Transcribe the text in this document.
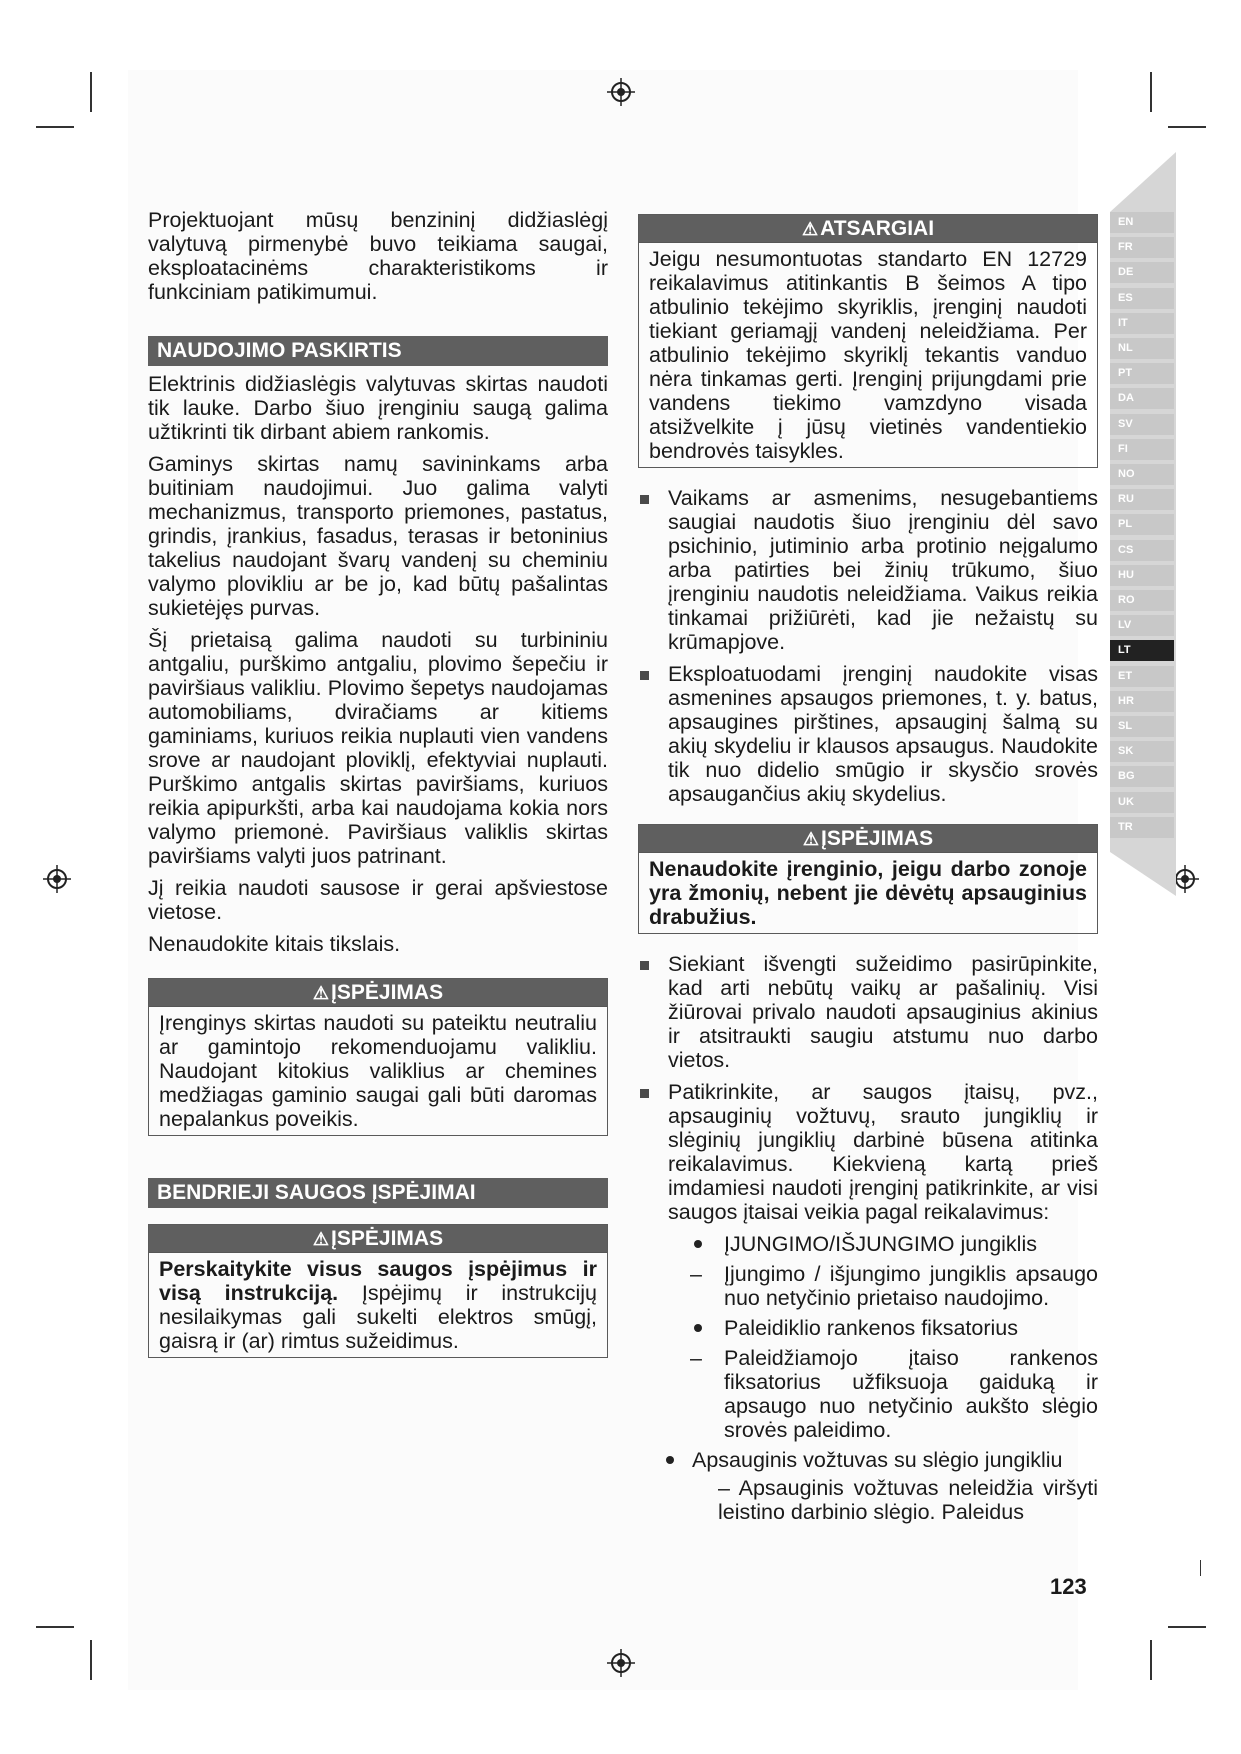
Projektuojant mūsų benzininį didžiaslėgį valytuvą pirmenybė buvo teikiama saugai, eksploatacinėms charakteristikoms ir funkciniam patikimumui.

NAUDOJIMO PASKIRTIS

Elektrinis didžiaslėgis valytuvas skirtas naudoti tik lauke. Darbo šiuo įrenginiu saugą galima užtikrinti tik dirbant abiem rankomis.

Gaminys skirtas namų savininkams arba buitiniam naudojimui. Juo galima valyti mechanizmus, transporto priemones, pastatus, grindis, įrankius, fasadus, terasas ir betoninius takelius naudojant švarų vandenį su cheminiu valymo plovikliu ar be jo, kad būtų pašalintas sukietėjęs purvas.

Šį prietaisą galima naudoti su turbininiu antgaliu, purškimo antgaliu, plovimo šepečiu ir paviršiaus valikliu. Plovimo šepetys naudojamas automobiliams, dviračiams ar kitiems gaminiams, kuriuos reikia nuplauti vien vandens srove ar naudojant ploviklį, efektyviai nuplauti. Purškimo antgalis skirtas paviršiams, kuriuos reikia apipurkšti, arba kai naudojama kokia nors valymo priemonė. Paviršiaus valiklis skirtas paviršiams valyti juos patrinant.

Jį reikia naudoti sausose ir gerai apšviestose vietose.

Nenaudokite kitais tikslais.

⚠ĮSPĖJIMAS
Įrenginys skirtas naudoti su pateiktu neutraliu ar gamintojo rekomenduojamu valikliu. Naudojant kitokius valiklius ar chemines medžiagas gaminio saugai gali būti daromas nepalankus poveikis.
BENDRIEJI SAUGOS ĮSPĖJIMAI
⚠ĮSPĖJIMAS
Perskaitykite visus saugos įspėjimus ir visą instrukciją. Įspėjimų ir instrukcijų nesilaikymas gali sukelti elektros smūgį, gaisrą ir (ar) rimtus sužeidimus.
⚠ATSARGIAI
Jeigu nesumontuotas standarto EN 12729 reikalavimus atitinkantis B šeimos A tipo atbulinio tekėjimo skyriklis, įrenginį naudoti tiekiant geriamąjį vandenį neleidžiama. Per atbulinio tekėjimo skyriklį tekantis vanduo nėra tinkamas gerti. Įrenginį prijungdami prie vandens tiekimo vamzdyno visada atsižvelkite į jūsų vietinės vandentiekio bendrovės taisykles.
Vaikams ar asmenims, nesugebantiems saugiai naudotis šiuo įrenginiu dėl savo psichinio, jutiminio arba protinio neįgalumo arba patirties bei žinių trūkumo, šiuo įrenginiu naudotis neleidžiama. Vaikus reikia tinkamai prižiūrėti, kad jie nežaistų su krūmapjove.
Eksploatuodami įrenginį naudokite visas asmenines apsaugos priemones, t. y. batus, apsaugines pirštines, apsauginį šalmą su akių skydeliu ir klausos apsaugus. Naudokite tik nuo didelio smūgio ir skysčio srovės apsaugančius akių skydelius.
⚠ĮSPĖJIMAS
Nenaudokite įrenginio, jeigu darbo zonoje yra žmonių, nebent jie dėvėtų apsauginius drabužius.
Siekiant išvengti sužeidimo pasirūpinkite, kad arti nebūtų vaikų ar pašalinių. Visi žiūrovai privalo naudoti apsauginius akinius ir atsitraukti saugiu atstumu nuo darbo vietos.
Patikrinkite, ar saugos įtaisų, pvz., apsauginių vožtuvų, srauto jungiklių ir slėginių jungiklių darbinė būsena atitinka reikalavimus. Kiekvieną kartą prieš imdamiesi naudoti įrenginį patikrinkite, ar visi saugos įtaisai veikia pagal reikalavimus:
ĮJUNGIMO/IŠJUNGIMO jungiklis
– Įjungimo / išjungimo jungiklis apsaugo nuo netyčinio prietaiso naudojimo.
Paleidiklio rankenos fiksatorius
– Paleidžiamojo įtaiso rankenos fiksatorius užfiksuoja gaiduką ir apsaugo nuo netyčinio aukšto slėgio srovės paleidimo.
Apsauginis vožtuvas su slėgio jungikliu
– Apsauginis vožtuvas neleidžia viršyti leistino darbinio slėgio. Paleidus
EN
FR
DE
ES
IT
NL
PT
DA
SV
FI
NO
RU
PL
CS
HU
RO
LV
LT
ET
HR
SL
SK
BG
UK
TR
123
